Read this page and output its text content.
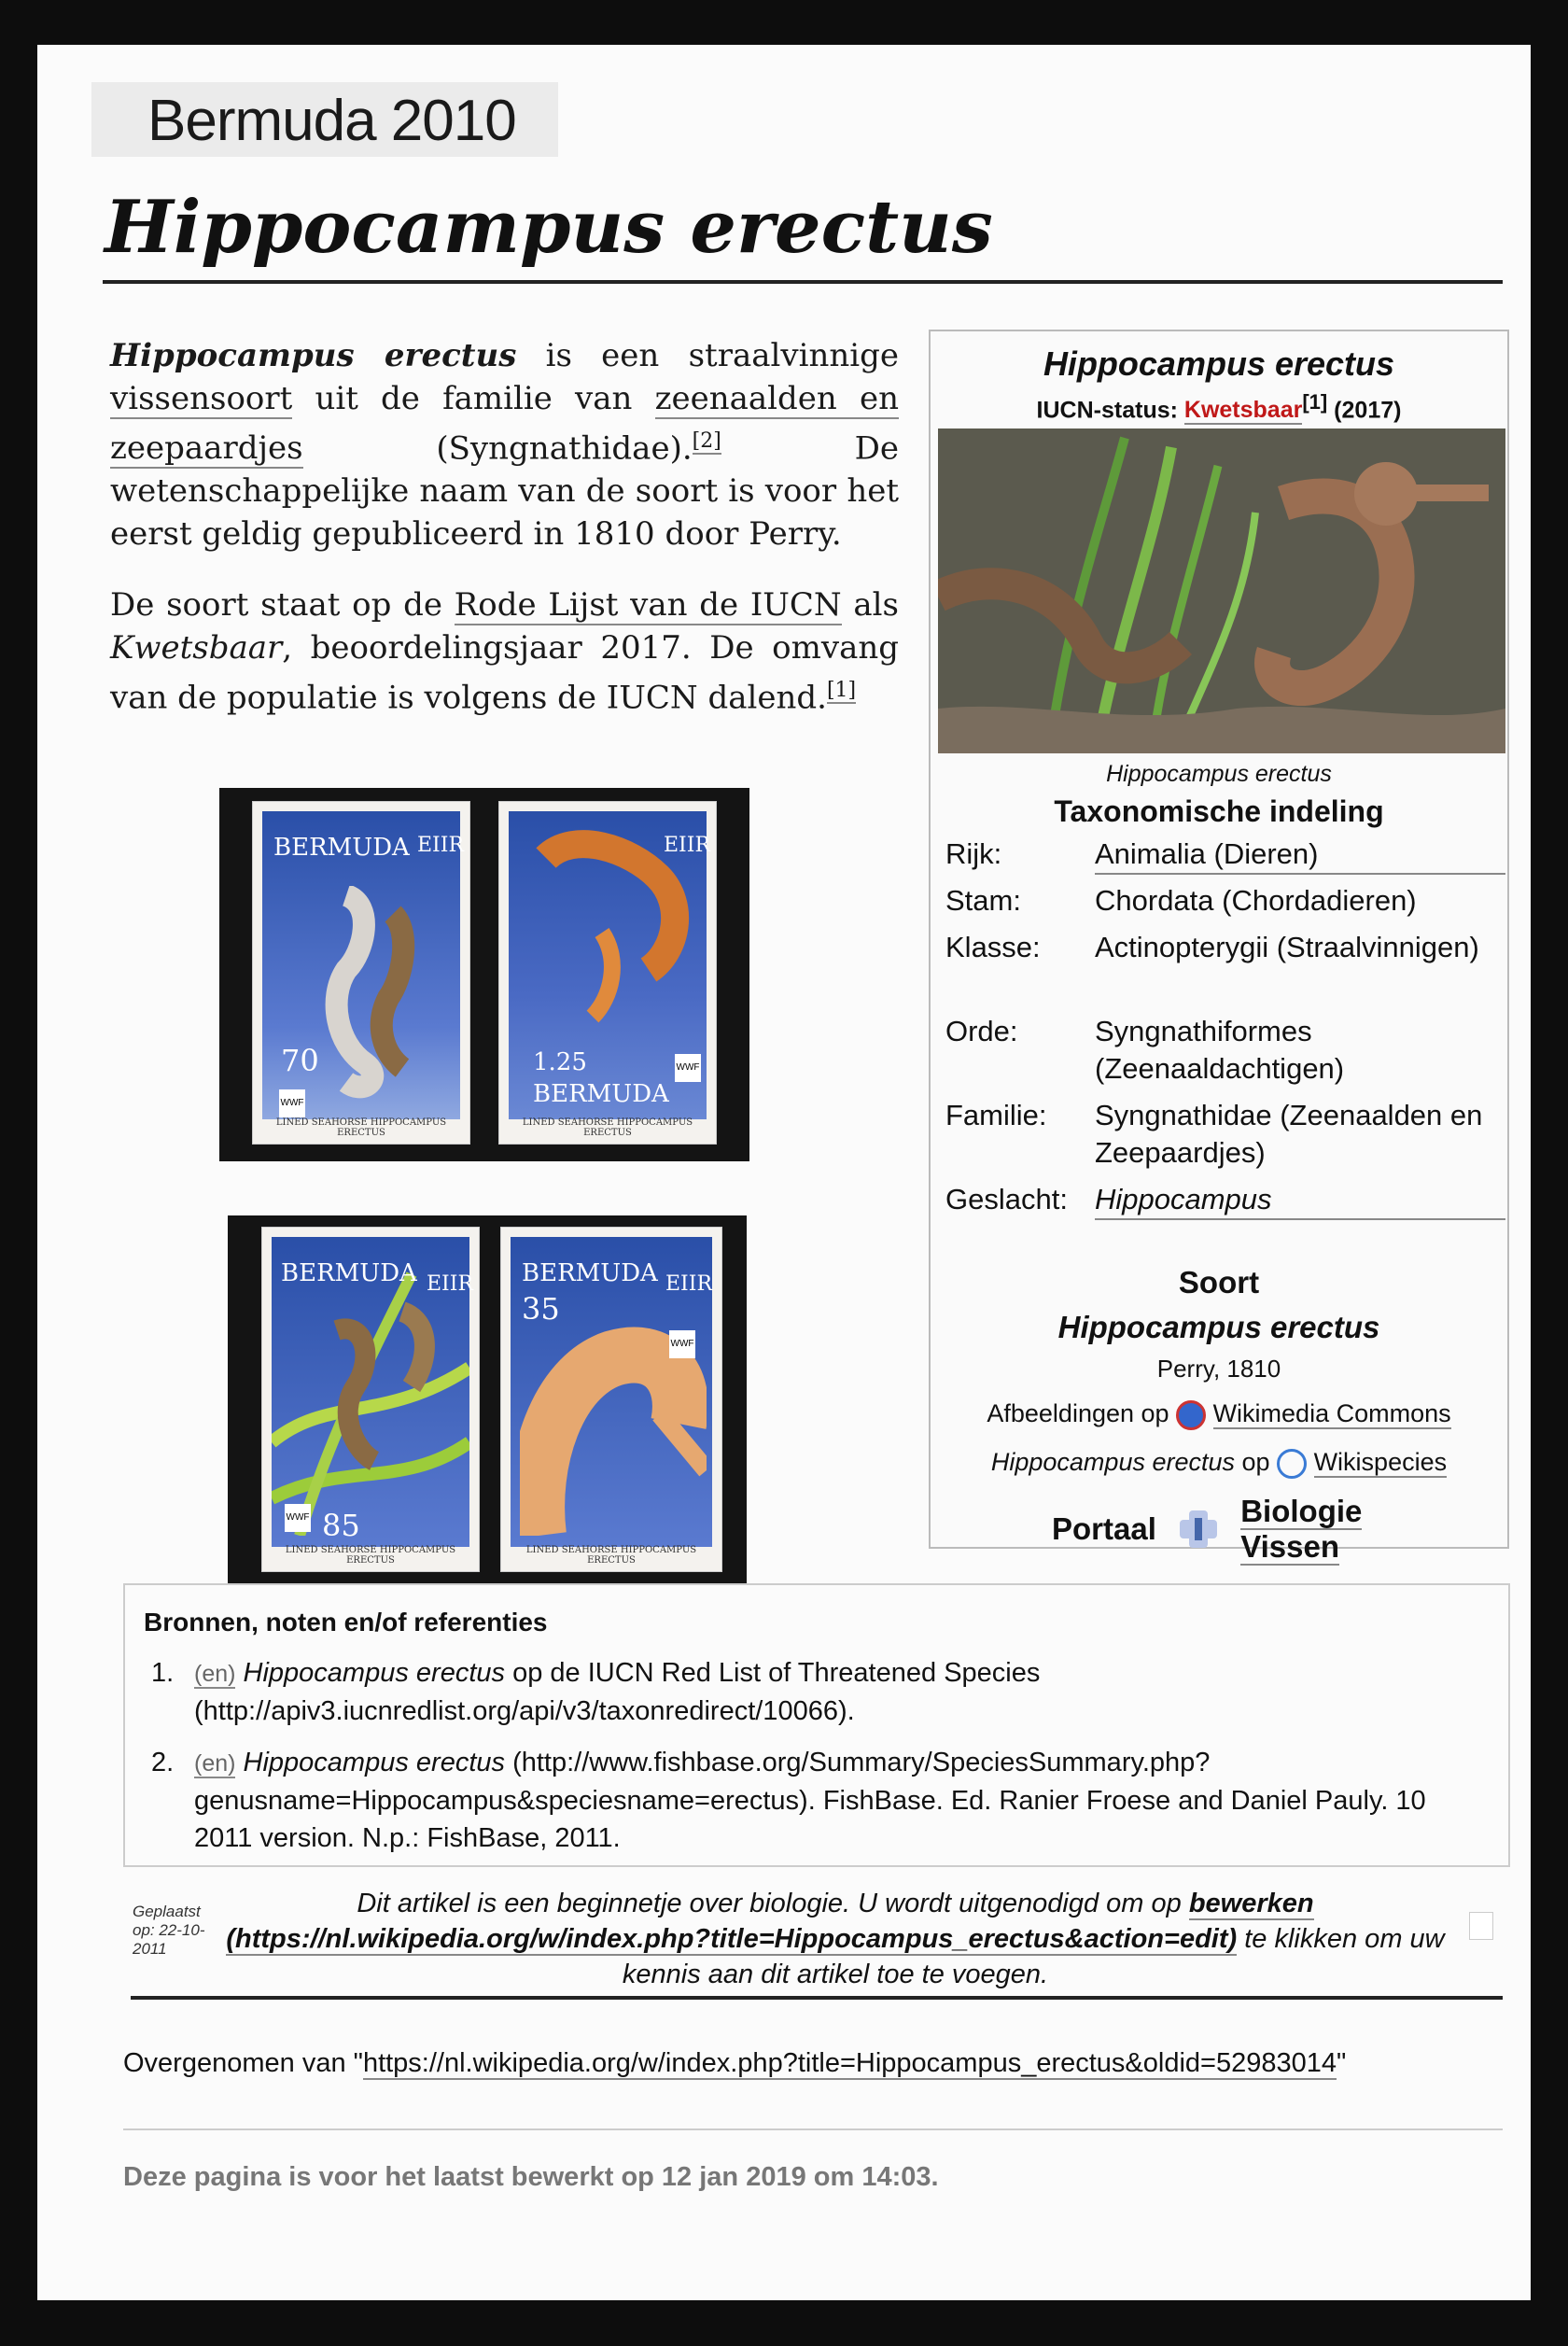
Bermuda 2010
Hippocampus erectus

Hippocampus erectus is een straalvinnige vissensoort uit de familie van zeenaalden en zeepaardjes (Syngnathidae).[2] De wetenschappelijke naam van de soort is voor het eerst geldig gepubliceerd in 1810 door Perry.

De soort staat op de Rode Lijst van de IUCN als Kwetsbaar, beoordelingsjaar 2017. De omvang van de populatie is volgens de IUCN dalend.[1]

Hippocampus erectus
IUCN-status: Kwetsbaar[1] (2017)
Hippocampus erectus
Taxonomische indeling
Rijk:	Animalia (Dieren)
Stam:	Chordata (Chordadieren)
Klasse:	Actinopterygii (Straalvinnigen)
Orde:	Syngnathiformes (Zeenaaldachtigen)
Familie:	Syngnathidae (Zeenaalden en Zeepaardjes)
Geslacht: Hippocampus
Soort
Hippocampus erectus
Perry, 1810
Afbeeldingen op  Wikimedia Commons
Hippocampus erectus op  Wikispecies
Portaal  Biologie
Vissen
BERMUDA EIIR
70
WWF
LINED SEAHORSE HIPPOCAMPUS ERECTUS
EIIR
1.25
BERMUDA
WWF
LINED SEAHORSE HIPPOCAMPUS ERECTUS
BERMUDA EIIR
85
WWF
LINED SEAHORSE HIPPOCAMPUS ERECTUS
BERMUDA
35
EIIR
WWF
LINED SEAHORSE HIPPOCAMPUS ERECTUS
Bronnen, noten en/of referenties
1. (en) Hippocampus erectus op de IUCN Red List of Threatened Species (http://apiv3.iucnredlist.org/api/v3/taxonredirect/10066).
2. (en) Hippocampus erectus (http://www.fishbase.org/Summary/SpeciesSummary.php?genusname=Hippocampus&speciesname=erectus). FishBase. Ed. Ranier Froese and Daniel Pauly. 10 2011 version. N.p.: FishBase, 2011.
Geplaatst op: 22-10-2011
Dit artikel is een beginnetje over biologie. U wordt uitgenodigd om op bewerken (https://nl.wikipedia.org/w/index.php?title=Hippocampus_erectus&action=edit) te klikken om uw kennis aan dit artikel toe te voegen.
Overgenomen van "https://nl.wikipedia.org/w/index.php?title=Hippocampus_erectus&oldid=52983014"
Deze pagina is voor het laatst bewerkt op 12 jan 2019 om 14:03.
